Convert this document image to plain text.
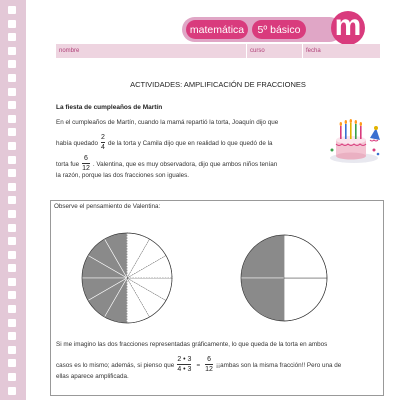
matemática	5º básico m
nombre	curso	fecha
ACTIVIDADES: AMPLIFICACIÓN DE FRACCIONES
La fiesta de cumpleaños de Martín
En el cumpleaños de Martín, cuando la mamá repartió la torta, Joaquín dijo que
había quedado $\frac{2}{4}$ de la torta y Camila dijo que en realidad lo que quedó de la
torta fue $\frac{6}{12}$ . Valentina, que es muy observadora, dijo que ambos niños tenían
la razón, porque las dos fracciones son iguales.
Observe el pensamiento de Valentina:
Si me imagino las dos fracciones representadas gráficamente, lo que queda de la torta en ambos
casos es lo mismo; además, si pienso que $\frac{2 • 3}{4 • 3} = \frac{6}{12}$ ¡¡ambas son la misma fracción!! Pero una de
ellas aparece amplificada.
